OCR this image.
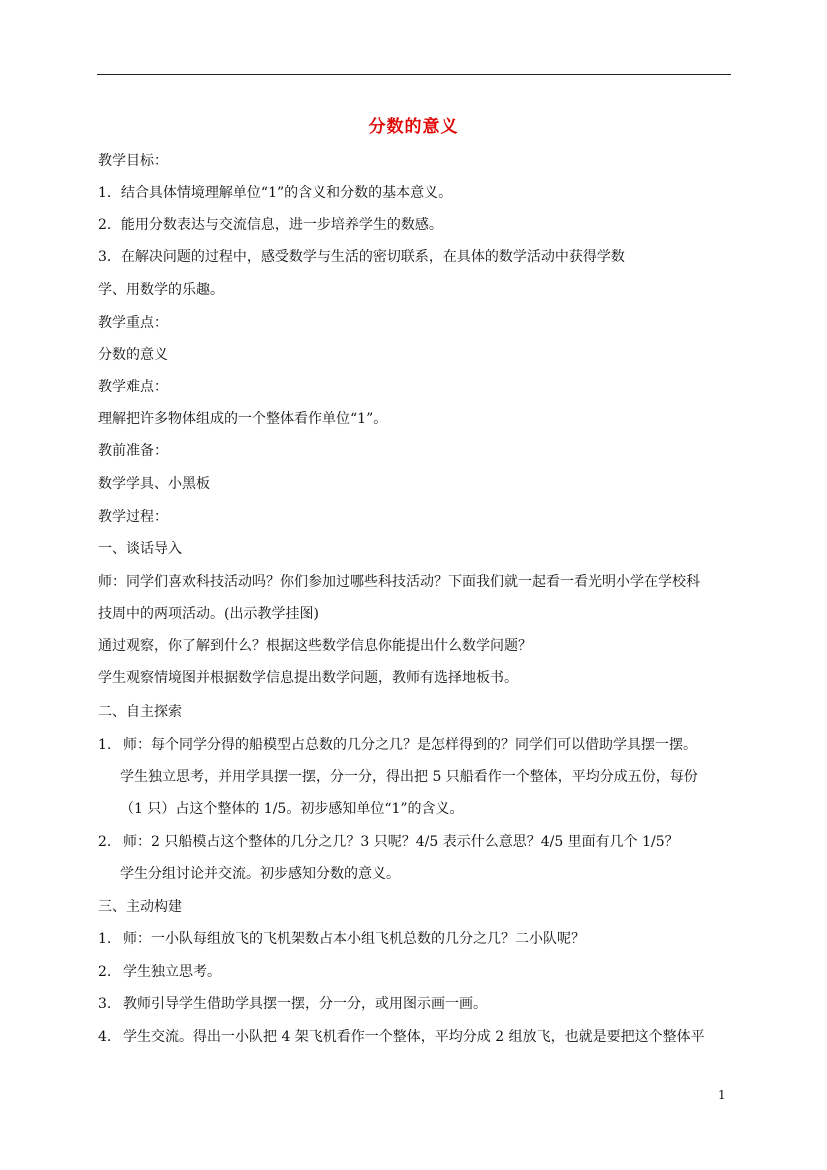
分数的意义
教学目标：
1．结合具体情境理解单位“1”的含义和分数的基本意义。
2．能用分数表达与交流信息，进一步培养学生的数感。
3．在解决问题的过程中，感受数学与生活的密切联系，在具体的数学活动中获得学数
学、用数学的乐趣。
教学重点：
分数的意义
教学难点：
理解把许多物体组成的一个整体看作单位“1”。
教前准备：
数学学具、小黑板
教学过程：
一、谈话导入
师：同学们喜欢科技活动吗？你们参加过哪些科技活动？下面我们就一起看一看光明小学在学校科
技周中的两项活动。(出示教学挂图)
通过观察，你了解到什么？根据这些数学信息你能提出什么数学问题？
学生观察情境图并根据数学信息提出数学问题，教师有选择地板书。
二、自主探索
1. 师：每个同学分得的船模型占总数的几分之几？是怎样得到的？同学们可以借助学具摆一摆。
学生独立思考，并用学具摆一摆，分一分，得出把 5 只船看作一个整体，平均分成五份，每份
（1 只）占这个整体的 1/5。初步感知单位“1”的含义。
2. 师：2 只船模占这个整体的几分之几？3 只呢？4/5 表示什么意思？4/5 里面有几个 1/5？
学生分组讨论并交流。初步感知分数的意义。
三、主动构建
1. 师：一小队每组放飞的飞机架数占本小组飞机总数的几分之几？二小队呢？
2. 学生独立思考。
3. 教师引导学生借助学具摆一摆，分一分，或用图示画一画。
4. 学生交流。得出一小队把 4 架飞机看作一个整体，平均分成 2 组放飞，也就是要把这个整体平
1
